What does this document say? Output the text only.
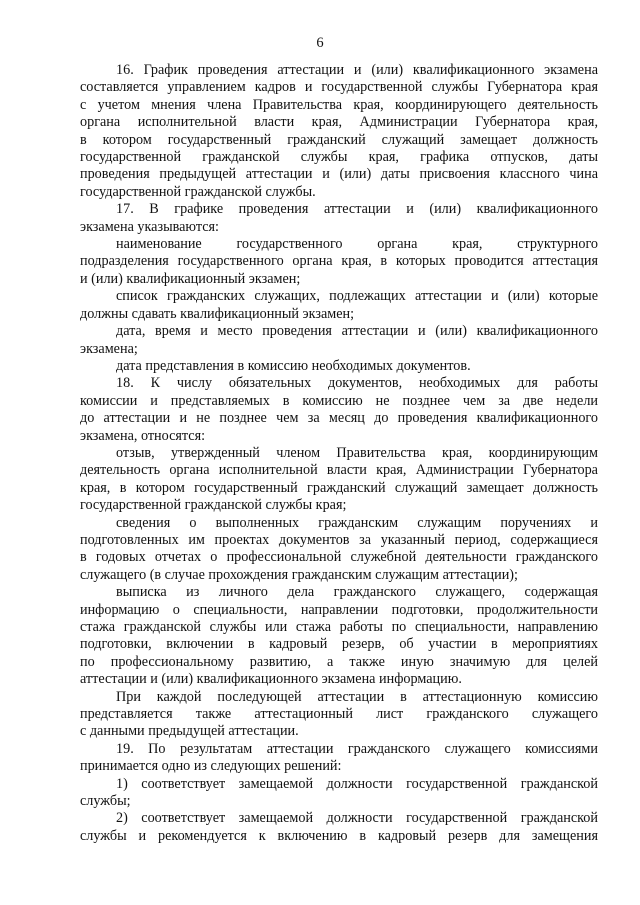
6
16. График проведения аттестации и (или) квалификационного экзамена
составляется управлением кадров и государственной службы Губернатора края
с учетом мнения члена Правительства края, координирующего деятельность
органа исполнительной власти края, Администрации Губернатора края,
в котором государственный гражданский служащий замещает должность
государственной гражданской службы края, графика отпусков, даты
проведения предыдущей аттестации и (или) даты присвоения классного чина
государственной гражданской службы.
17. В графике проведения аттестации и (или) квалификационного
экзамена указываются:
наименование государственного органа края, структурного
подразделения государственного органа края, в которых проводится аттестация
и (или) квалификационный экзамен;
список гражданских служащих, подлежащих аттестации и (или) которые
должны сдавать квалификационный экзамен;
дата, время и место проведения аттестации и (или) квалификационного
экзамена;
дата представления в комиссию необходимых документов.
18. К числу обязательных документов, необходимых для работы
комиссии и представляемых в комиссию не позднее чем за две недели
до аттестации и не позднее чем за месяц до проведения квалификационного
экзамена, относятся:
отзыв, утвержденный членом Правительства края, координирующим
деятельность органа исполнительной власти края, Администрации Губернатора
края, в котором государственный гражданский служащий замещает должность
государственной гражданской службы края;
сведения о выполненных гражданским служащим поручениях и
подготовленных им проектах документов за указанный период, содержащиеся
в годовых отчетах о профессиональной служебной деятельности гражданского
служащего (в случае прохождения гражданским служащим аттестации);
выписка из личного дела гражданского служащего, содержащая
информацию о специальности, направлении подготовки, продолжительности
стажа гражданской службы или стажа работы по специальности, направлению
подготовки, включении в кадровый резерв, об участии в мероприятиях
по профессиональному развитию, а также иную значимую для целей
аттестации и (или) квалификационного экзамена информацию.
При каждой последующей аттестации в аттестационную комиссию
представляется также аттестационный лист гражданского служащего
с данными предыдущей аттестации.
19. По результатам аттестации гражданского служащего комиссиями
принимается одно из следующих решений:
1) соответствует замещаемой должности государственной гражданской
службы;
2) соответствует замещаемой должности государственной гражданской
службы и рекомендуется к включению в кадровый резерв для замещения
